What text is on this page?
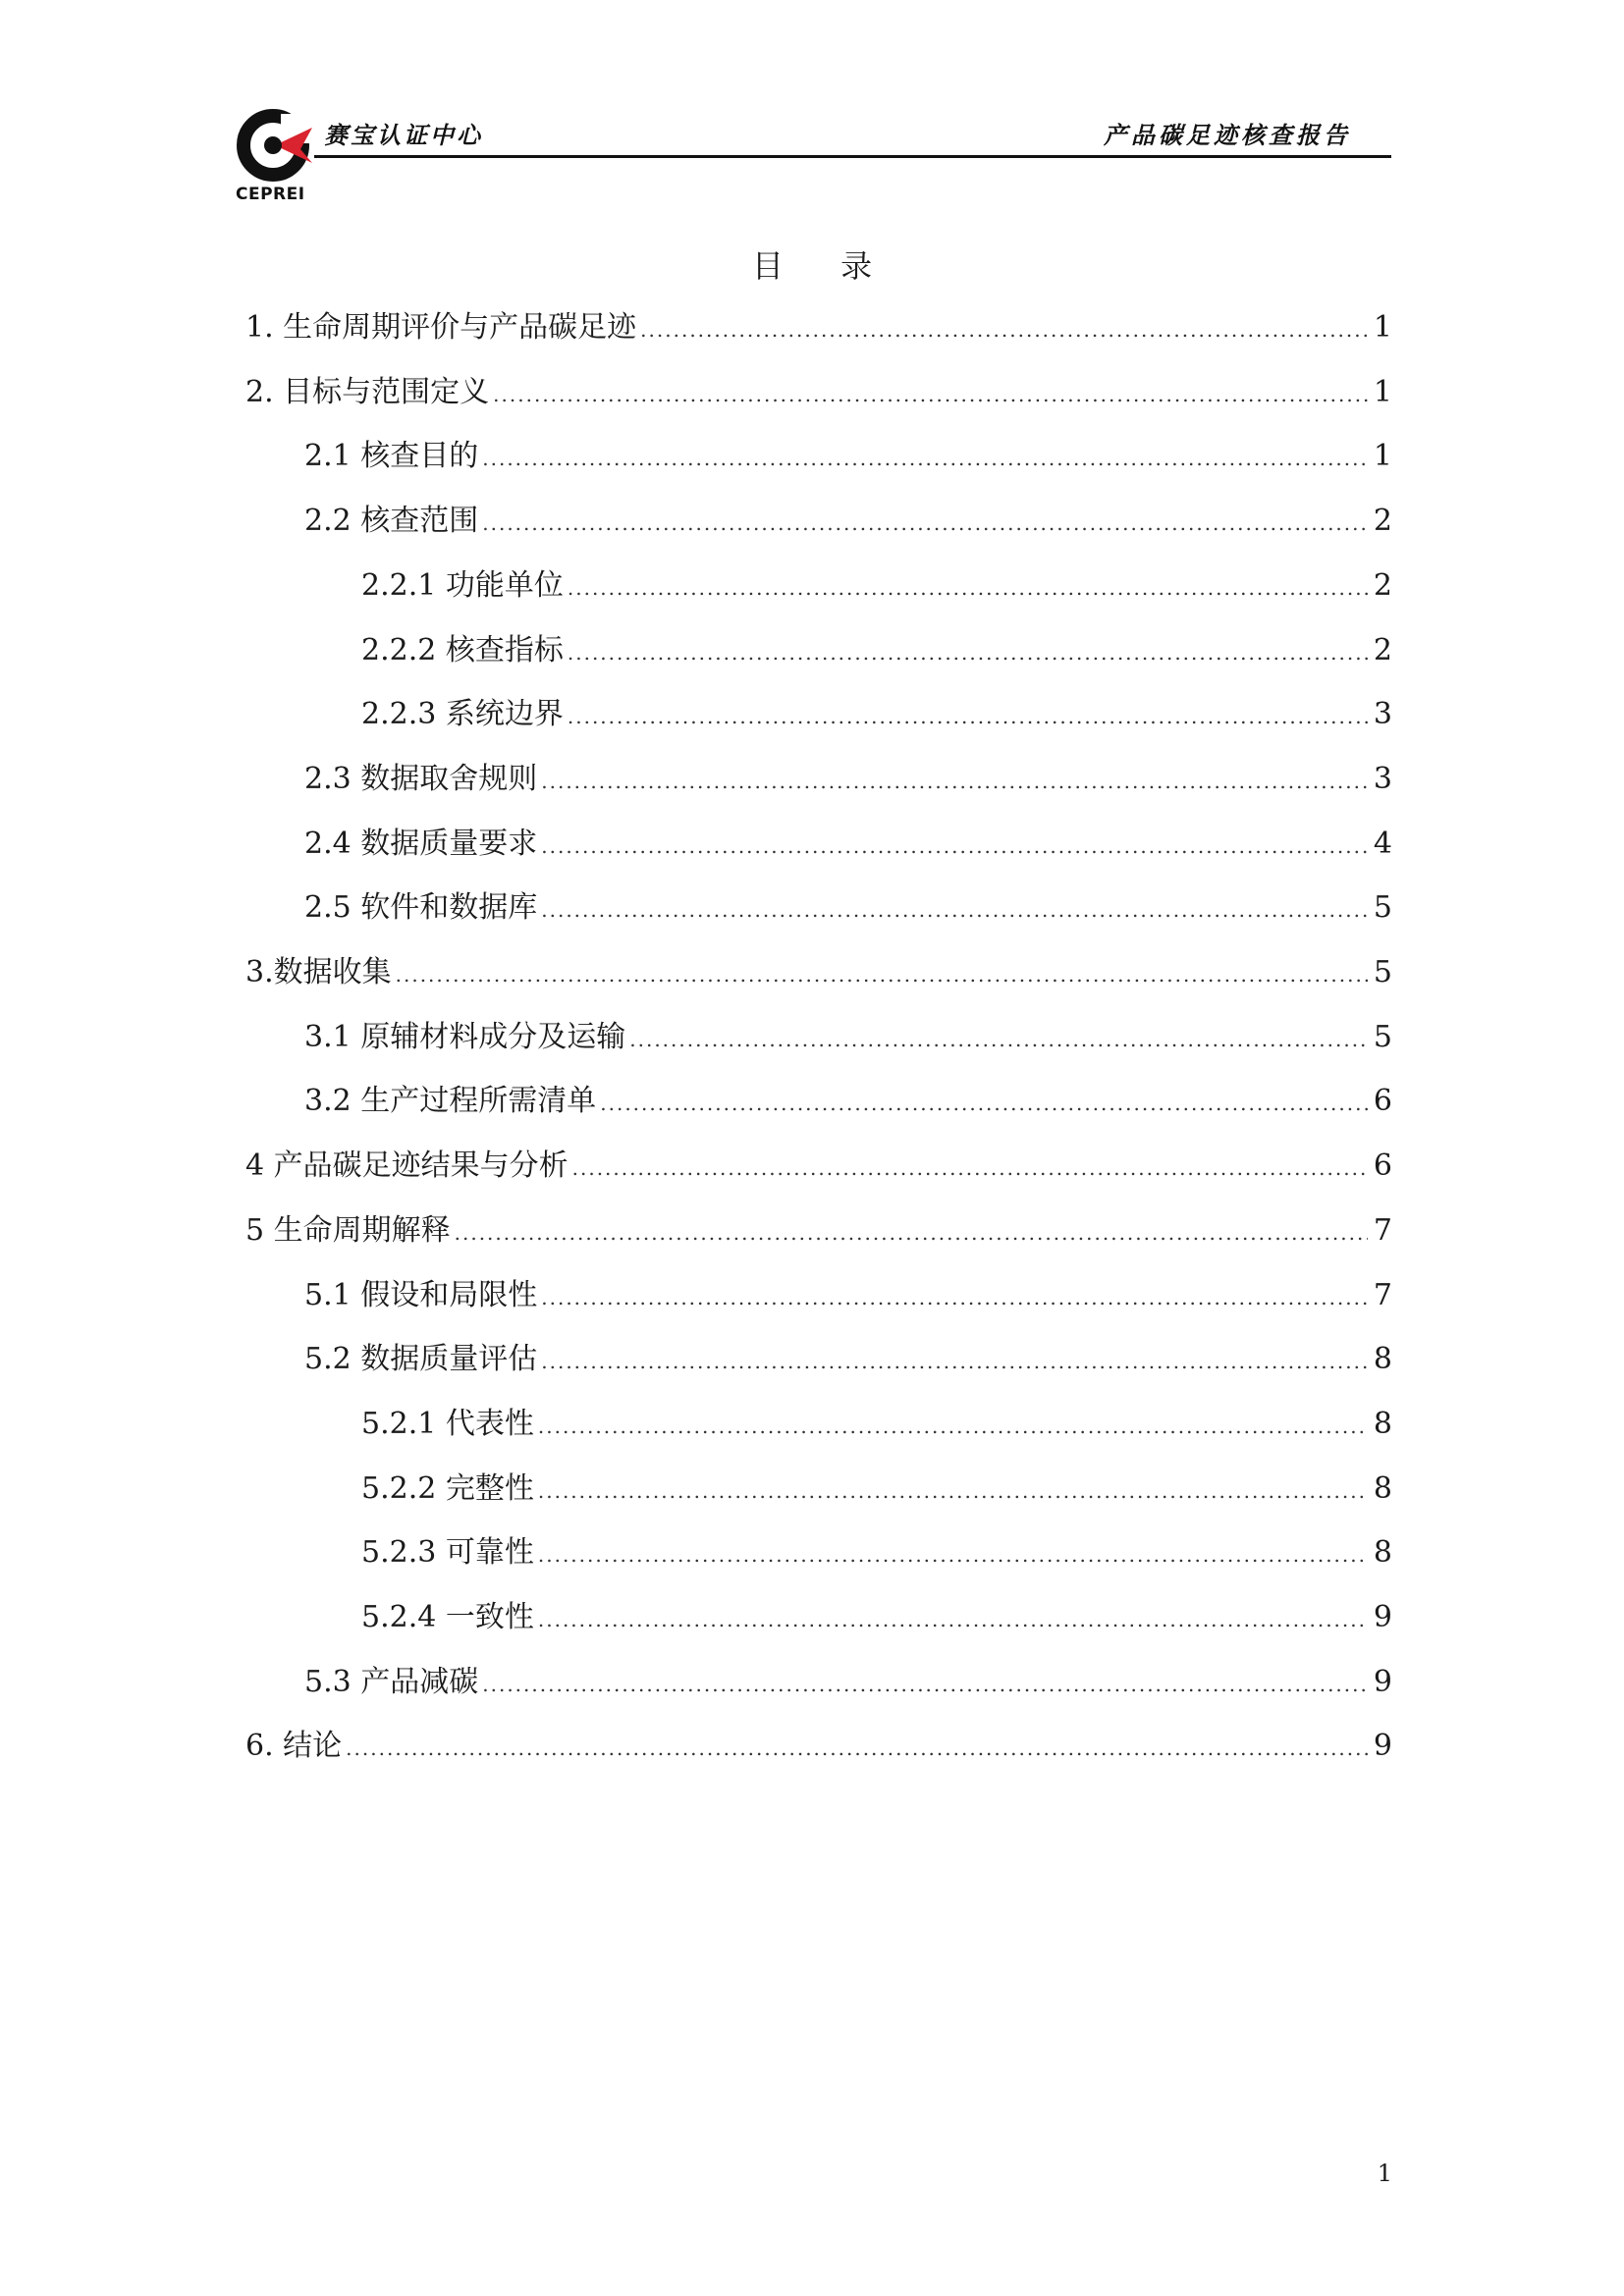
CEPREI
赛宝认证中心	产品碳足迹核查报告
目 录
1. 生命周期评价与产品碳足迹 .....	1
2. 目标与范围定义 .....	1
2.1 核查目的 .....	1
2.2 核查范围 .....	2
2.2.1 功能单位 .....	2
2.2.2 核查指标 .....	2
2.2.3 系统边界 .....	3
2.3 数据取舍规则 .....	3
2.4 数据质量要求 .....	4
2.5 软件和数据库 .....	5
3.数据收集 .....	5
3.1 原辅材料成分及运输 .....	5
3.2 生产过程所需清单 .....	6
4 产品碳足迹结果与分析 .....	6
5 生命周期解释 .....	7
5.1 假设和局限性 .....	7
5.2 数据质量评估 .....	8
5.2.1 代表性 .....	8
5.2.2 完整性 .....	8
5.2.3 可靠性 .....	8
5.2.4 一致性 .....	9
5.3 产品减碳 .....	9
6. 结论 .....	9
1
